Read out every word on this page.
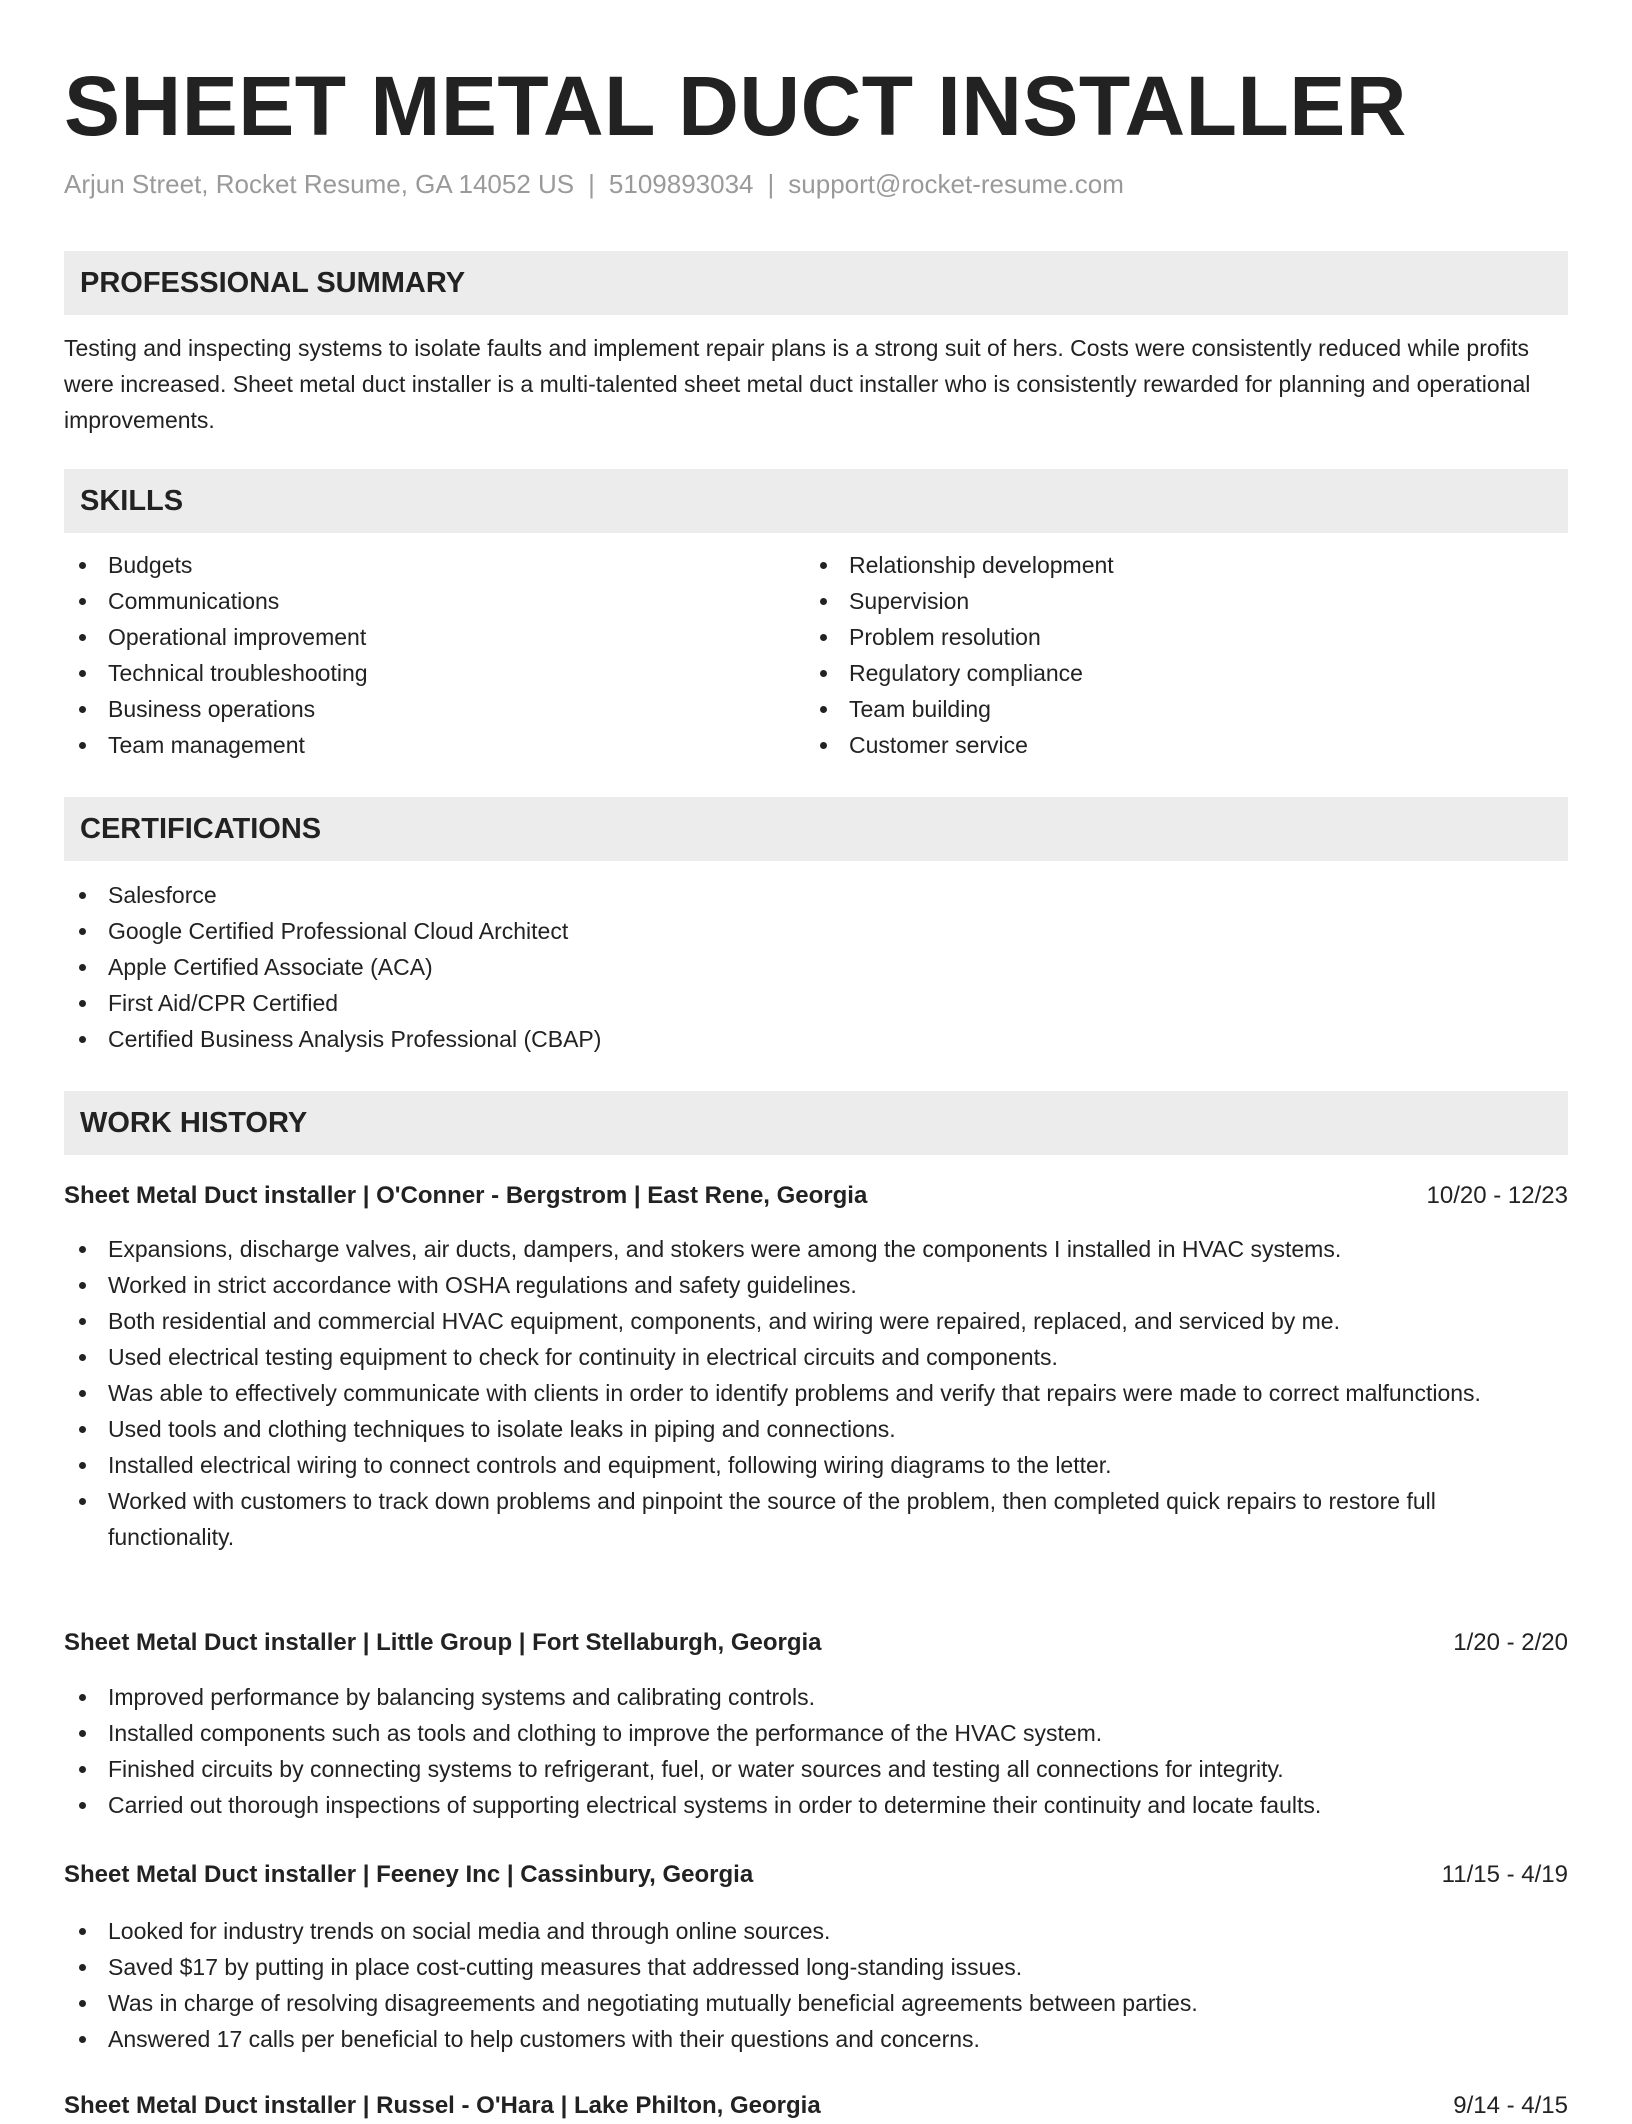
SHEET METAL DUCT INSTALLER
Arjun Street, Rocket Resume, GA 14052 US | 5109893034 | support@rocket-resume.com
PROFESSIONAL SUMMARY

Testing and inspecting systems to isolate faults and implement repair plans is a strong suit of hers. Costs were consistently reduced while profits were increased. Sheet metal duct installer is a multi-talented sheet metal duct installer who is consistently rewarded for planning and operational improvements.

SKILLS
Budgets
Communications
Operational improvement
Technical troubleshooting
Business operations
Team management
Relationship development
Supervision
Problem resolution
Regulatory compliance
Team building
Customer service
CERTIFICATIONS
Salesforce
Google Certified Professional Cloud Architect
Apple Certified Associate (ACA)
First Aid/CPR Certified
Certified Business Analysis Professional (CBAP)
WORK HISTORY
Sheet Metal Duct installer | O'Conner - Bergstrom | East Rene, Georgia	10/20 - 12/23
Expansions, discharge valves, air ducts, dampers, and stokers were among the components I installed in HVAC systems.
Worked in strict accordance with OSHA regulations and safety guidelines.
Both residential and commercial HVAC equipment, components, and wiring were repaired, replaced, and serviced by me.
Used electrical testing equipment to check for continuity in electrical circuits and components.
Was able to effectively communicate with clients in order to identify problems and verify that repairs were made to correct malfunctions.
Used tools and clothing techniques to isolate leaks in piping and connections.
Installed electrical wiring to connect controls and equipment, following wiring diagrams to the letter.
Worked with customers to track down problems and pinpoint the source of the problem, then completed quick repairs to restore full functionality.
Sheet Metal Duct installer | Little Group | Fort Stellaburgh, Georgia	1/20 - 2/20
Improved performance by balancing systems and calibrating controls.
Installed components such as tools and clothing to improve the performance of the HVAC system.
Finished circuits by connecting systems to refrigerant, fuel, or water sources and testing all connections for integrity.
Carried out thorough inspections of supporting electrical systems in order to determine their continuity and locate faults.
Sheet Metal Duct installer | Feeney Inc | Cassinbury, Georgia	11/15 - 4/19
Looked for industry trends on social media and through online sources.
Saved $17 by putting in place cost-cutting measures that addressed long-standing issues.
Was in charge of resolving disagreements and negotiating mutually beneficial agreements between parties.
Answered 17 calls per beneficial to help customers with their questions and concerns.
Sheet Metal Duct installer | Russel - O'Hara | Lake Philton, Georgia	9/14 - 4/15
